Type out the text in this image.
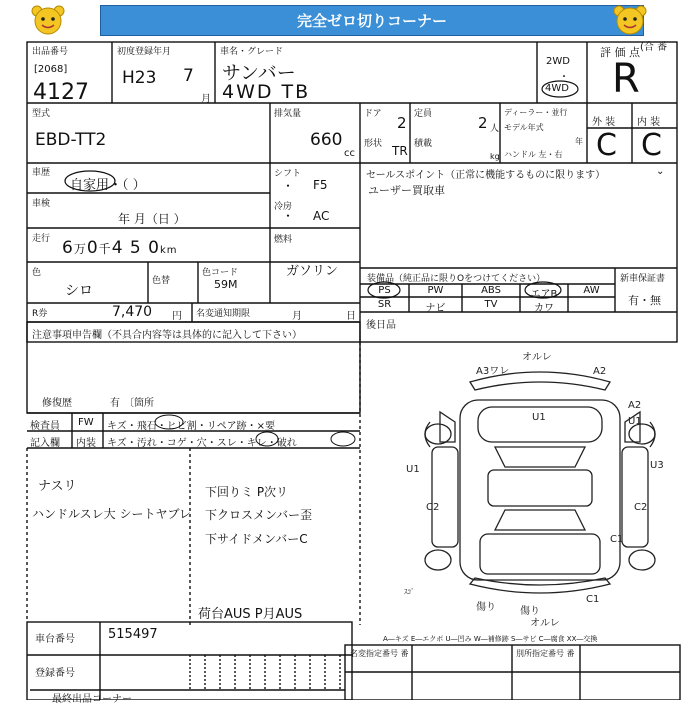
完全ゼロ切りコーナー
(合 番
出品番号
[2068]
4127
初度登録年月
H23 7
月
車名・グレード
サンバー
4WD TB
2WD
・
4WD
評 価 点
R
型式
EBD-TT2
排気量
660
cc
ドア 2
形状 TR
定員	2 人
積載
kg
ディーラー・並行
モデル年式
年
ハンドル 左・右
外 装 内 装
C C
車歴
自家用・（ ）
車検
年 月（日 ）
走行 6万0千4 5 0km
色
シロ
色替
色コード
59M
シフト
・ F5
冷房
・ AC
燃料
ガソリン
R券	7,470 円 名変通知期限	月	日
セールスポイント（正常に機能するものに限ります）	⌄
ユーザー買取車
装備品（純正品に限りOをつけてください）	新車保証書
有・無
PS	PW	ABS	エアB	AW
SR	ナビ	TV	カワ
後日品
注意事項申告欄（不具合内容等は具体的に記入して下さい）
修復歴	有 〔箇所
検査員
記入欄
FW
内装
キズ・飛石・ヒビ割・リペア跡・×要
キズ・汚れ・コゲ・穴・スレ・キレ・破れ
ナスリ
ハンドルスレ大 シートヤブレ
下回りミ P次リ
下クロスメンバー歪
下サイドメンバーC
荷台AUS P月AUS
オルレ
A3ワレ	A2
A2
U1	U1
U1	U3
C2	C2
C1
傷り 傷り
オルレ
C1
ｽｺﾞ
A―キズ E―エクボ U―凹み W―補修跡 S―サビ C―腐食 XX―交換
車台番号	515497
登録番号
名変指定番号 番	別所指定番号 番
最終出品コーナー
